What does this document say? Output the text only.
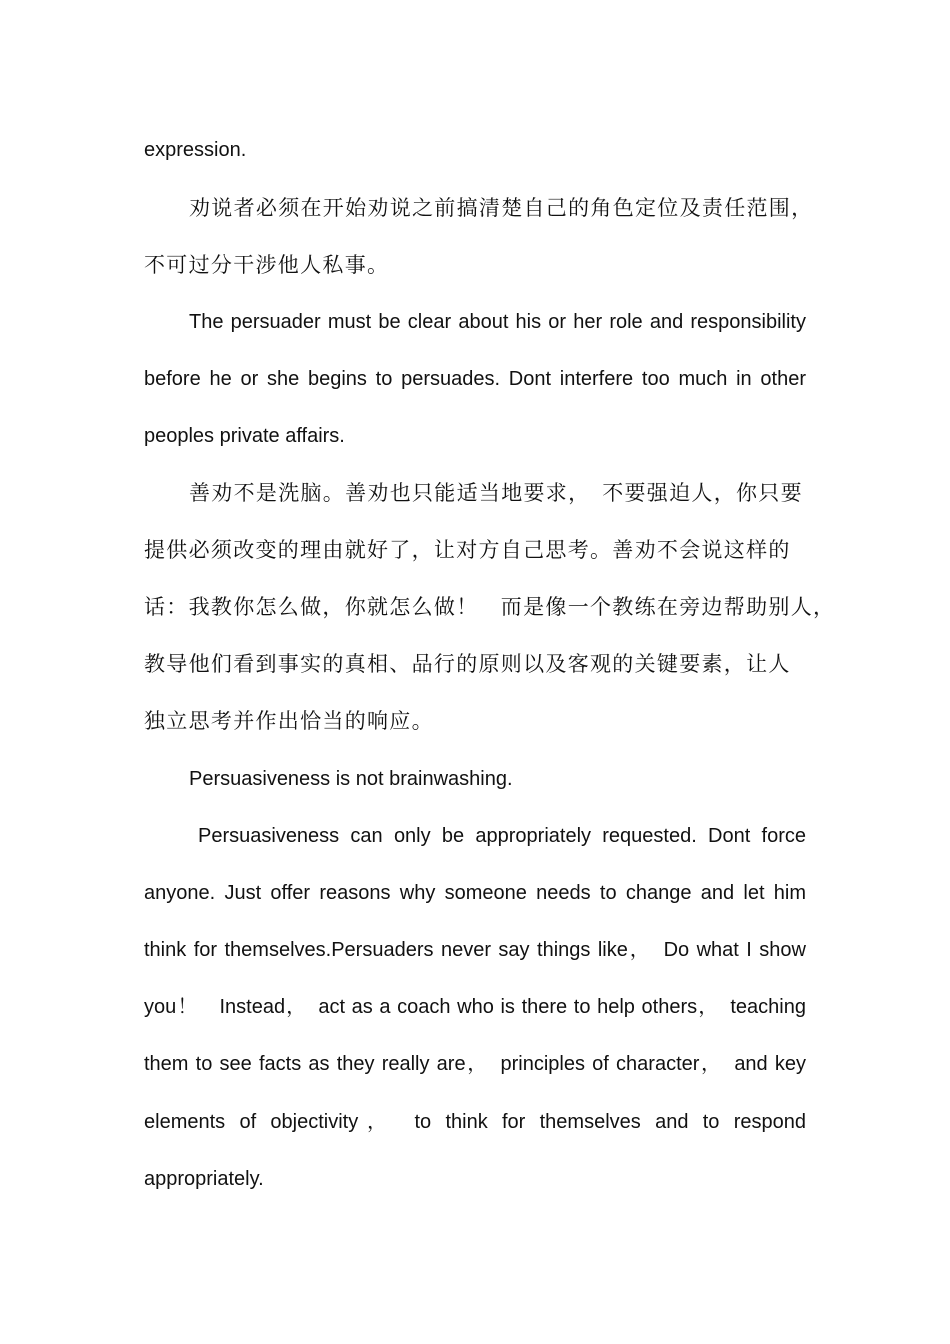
expression.
劝说者必须在开始劝说之前搞清楚自己的角色定位及责任范围，
不可过分干涉他人私事。
The persuader must be clear about his or her role and responsibility
before he or she begins to persuades. Dont interfere too much in other
peoples private affairs.
善劝不是洗脑。善劝也只能适当地要求，　不要强迫人，你只要
提供必须改变的理由就好了，让对方自己思考。善劝不会说这样的
话：我教你怎么做，你就怎么做！　而是像一个教练在旁边帮助别人，
教导他们看到事实的真相、品行的原则以及客观的关键要素，让人
独立思考并作出恰当的响应。
Persuasiveness is not brainwashing.
Persuasiveness can only be appropriately requested. Dont force
anyone. Just offer reasons why someone needs to change and let him
think for themselves.Persuaders never say things like，　Do what I show
you！　Instead，　act as a coach who is there to help others，　teaching
them to see facts as they really are，　principles of character，　and key
elements of objectivity，　to think for themselves and to respond
appropriately.
